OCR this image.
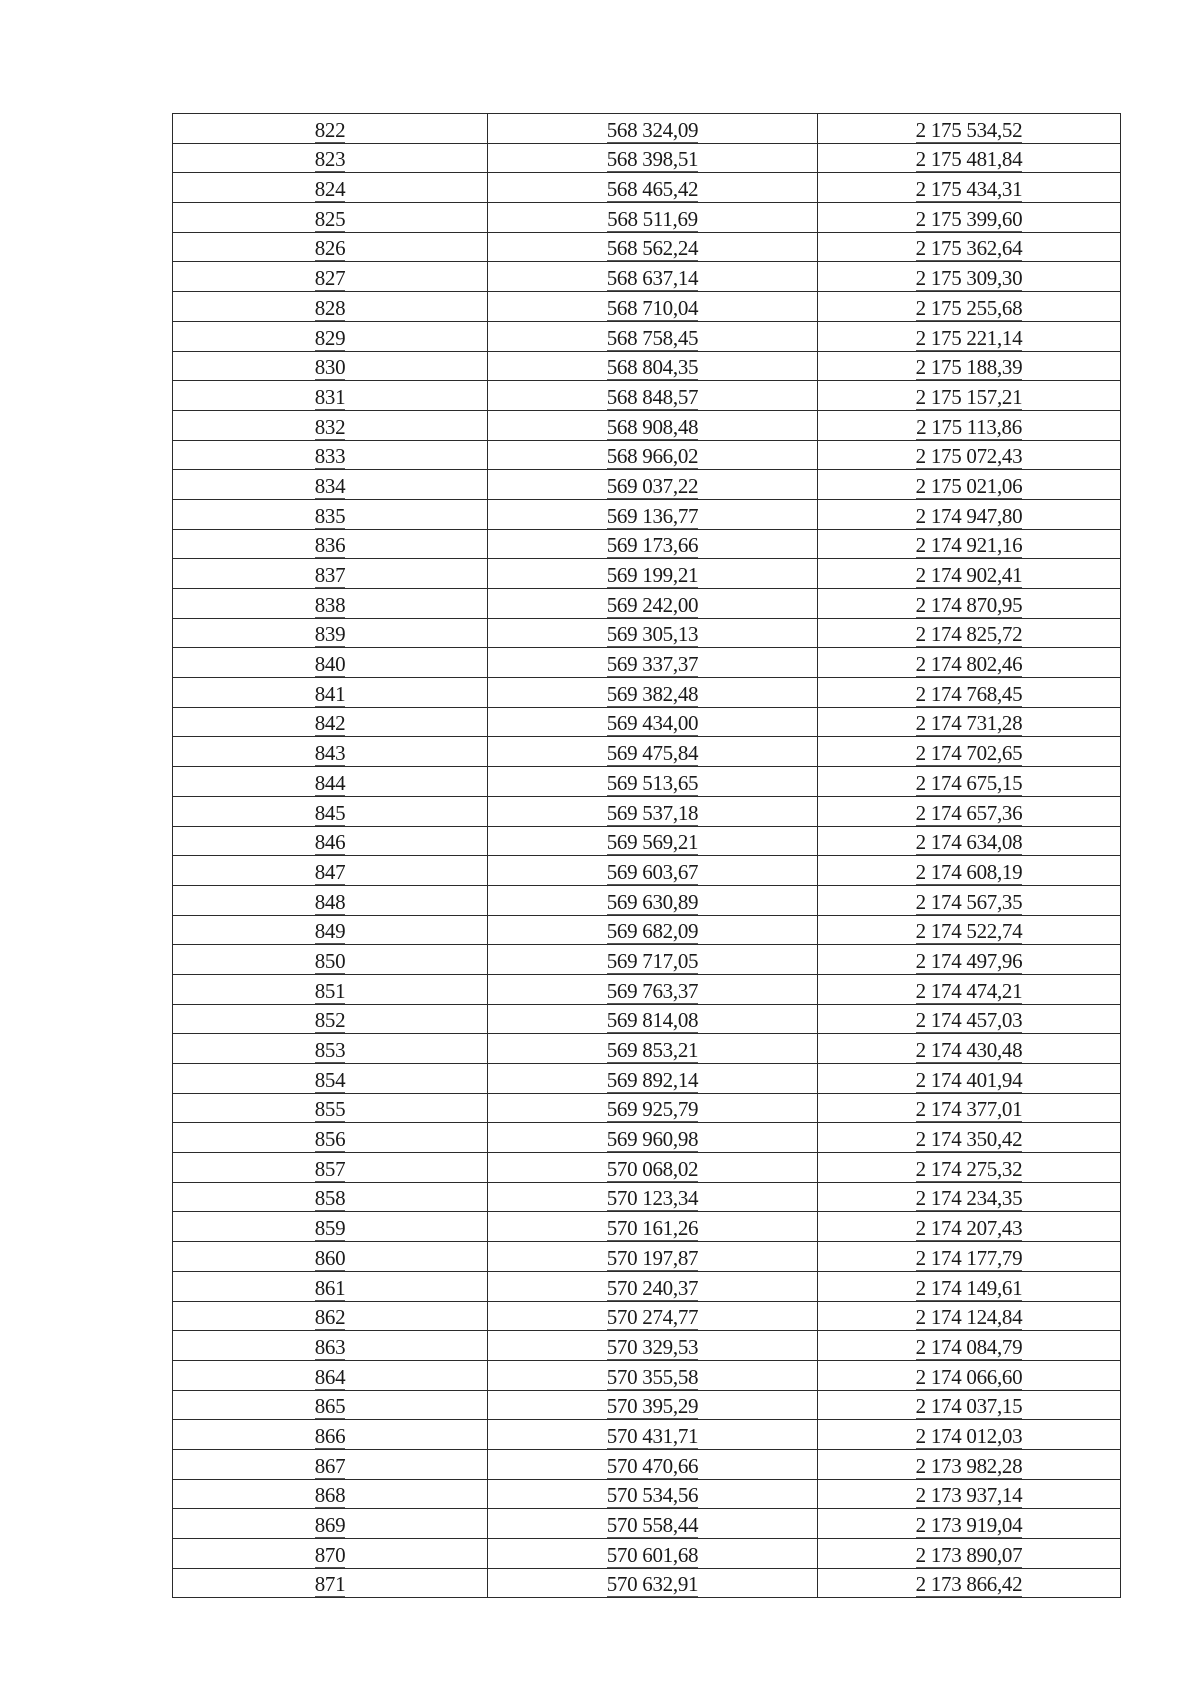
822	568 324,09	2 175 534,52
823	568 398,51	2 175 481,84
824	568 465,42	2 175 434,31
825	568 511,69	2 175 399,60
826	568 562,24	2 175 362,64
827	568 637,14	2 175 309,30
828	568 710,04	2 175 255,68
829	568 758,45	2 175 221,14
830	568 804,35	2 175 188,39
831	568 848,57	2 175 157,21
832	568 908,48	2 175 113,86
833	568 966,02	2 175 072,43
834	569 037,22	2 175 021,06
835	569 136,77	2 174 947,80
836	569 173,66	2 174 921,16
837	569 199,21	2 174 902,41
838	569 242,00	2 174 870,95
839	569 305,13	2 174 825,72
840	569 337,37	2 174 802,46
841	569 382,48	2 174 768,45
842	569 434,00	2 174 731,28
843	569 475,84	2 174 702,65
844	569 513,65	2 174 675,15
845	569 537,18	2 174 657,36
846	569 569,21	2 174 634,08
847	569 603,67	2 174 608,19
848	569 630,89	2 174 567,35
849	569 682,09	2 174 522,74
850	569 717,05	2 174 497,96
851	569 763,37	2 174 474,21
852	569 814,08	2 174 457,03
853	569 853,21	2 174 430,48
854	569 892,14	2 174 401,94
855	569 925,79	2 174 377,01
856	569 960,98	2 174 350,42
857	570 068,02	2 174 275,32
858	570 123,34	2 174 234,35
859	570 161,26	2 174 207,43
860	570 197,87	2 174 177,79
861	570 240,37	2 174 149,61
862	570 274,77	2 174 124,84
863	570 329,53	2 174 084,79
864	570 355,58	2 174 066,60
865	570 395,29	2 174 037,15
866	570 431,71	2 174 012,03
867	570 470,66	2 173 982,28
868	570 534,56	2 173 937,14
869	570 558,44	2 173 919,04
870	570 601,68	2 173 890,07
871	570 632,91	2 173 866,42
